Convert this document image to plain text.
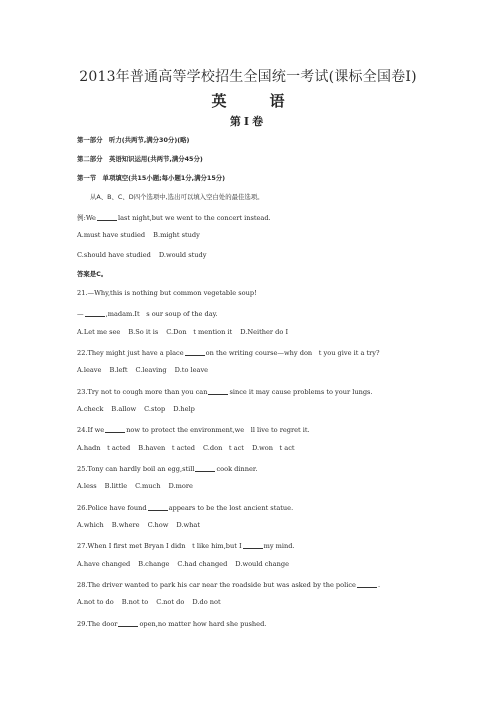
2013年普通高等学校招生全国统一考试(课标全国卷Ⅰ)
英　语
第Ⅰ卷
第一部分　听力(共两节,满分30分)(略)
第二部分　英语知识运用(共两节,满分45分)
第一节　单项填空(共15小题;每小题1分,满分15分)
从A、B、C、D四个选项中,选出可以填入空白处的最佳选项。
例:We	last night,but we went to the concert instead.
A.must have studied B.might study
C.should have studied D.would study
答案是C。
21.—Why,this is nothing but common vegetable soup!
—	,madam.It　s our soup of the day.
A.Let me see B.So it is C.Don　t mention it D.Neither do I
22.They might just have a place	on the writing course—why don　t you give it a try?
A.leave B.left C.leaving D.to leave
23.Try not to cough more than you can	since it may cause problems to your lungs.
A.check B.allow C.stop D.help
24.If we	now to protect the environment,we　ll live to regret it.
A.hadn　t acted B.haven　t acted C.don　t act D.won　t act
25.Tony can hardly boil an egg,still	cook dinner.
A.less B.little C.much D.more
26.Police have found	appears to be the lost ancient statue.
A.which B.where C.how D.what
27.When I first met Bryan I didn　t like him,but I	my mind.
A.have changed B.change C.had changed D.would change
28.The driver wanted to park his car near the roadside but was asked by the police	.
A.not to do B.not to C.not do D.do not
29.The door	open,no matter how hard she pushed.
